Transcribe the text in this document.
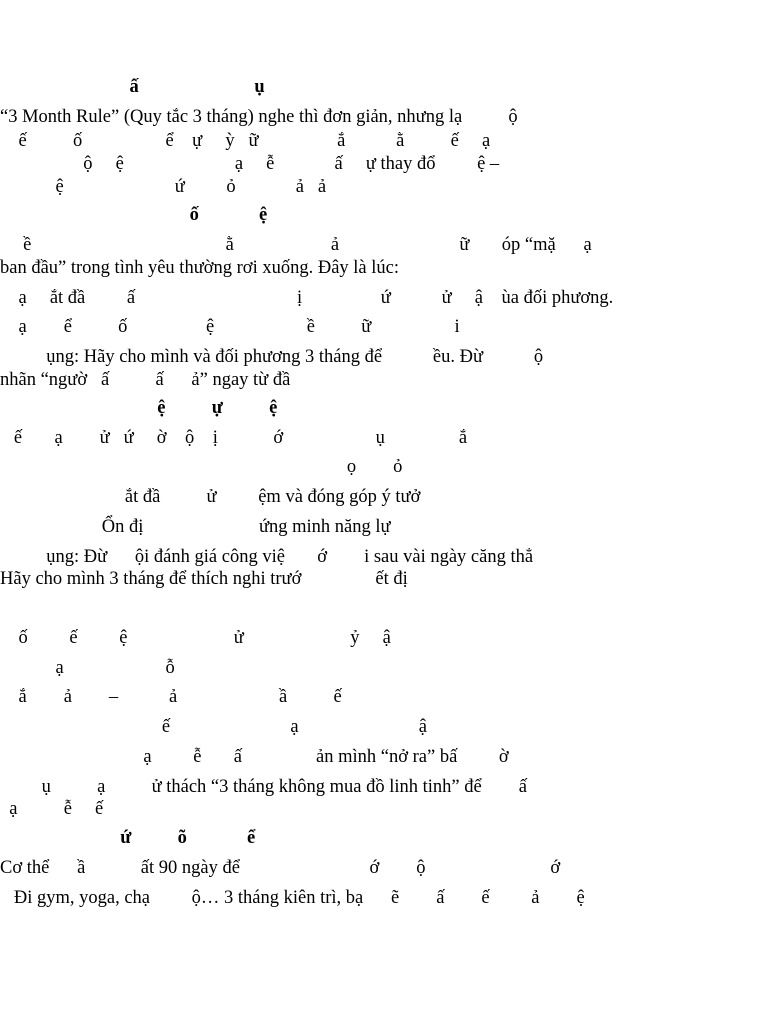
ấ                         ụ
“3 Month Rule” (Quy tắc 3 tháng) nghe thì đơn giản, nhưng lạ          ộ
ế          ố                  ể    ự     ỳ   ữ                 ắ           ằ          ế     ạ
ộ     ệ                        ạ     ễ             ấ     ự thay đổ         ệ –
ệ                        ứ         ỏ             ả   ả
ố             ệ
ề                                          ằ                     ả                          ữ       óp “mặ      ạ
ban đầu” trong tình yêu thường rơi xuống. Đây là lúc:
ạ     ắt đầ         ấ                                   ị                 ứ           ử     ậ    ùa đối phương.
ạ        ể          ố                 ệ                    ề          ữ                  i
ụng: Hãy cho mình và đối phương 3 tháng để           ều. Đừ           ộ
nhãn “ngườ   ấ          ấ      ả” ngay từ đầ
ệ          ự          ệ
ế       ạ        ử   ứ     ờ    ộ    ị            ớ                    ụ                ắ
ọ        ỏ
ắt đầ          ử         ệm và đóng góp ý tưở
Ổn đị                         ứng minh năng lự
ụng: Đừ      ội đánh giá công việ       ớ        i sau vài ngày căng thẳ
Hãy cho mình 3 tháng để thích nghi trướ                ết đị
ố         ế         ệ                       ử                       ỷ     ậ
ạ                      ỗ
ắ        ả        –           ả                      ầ          ế
ế                          ạ                          ậ
ạ         ễ       ấ                ản mình “nở ra” bấ         ờ
ụ          ạ          ử thách “3 tháng không mua đồ linh tinh” để        ấ
ạ          ễ     ế
ứ          õ             ể
Cơ thể      ầ            ất 90 ngày để                            ớ        ộ                           ớ
Đi gym, yoga, chạ         ộ… 3 tháng kiên trì, bạ      ẽ        ấ        ế         ả        ệ
